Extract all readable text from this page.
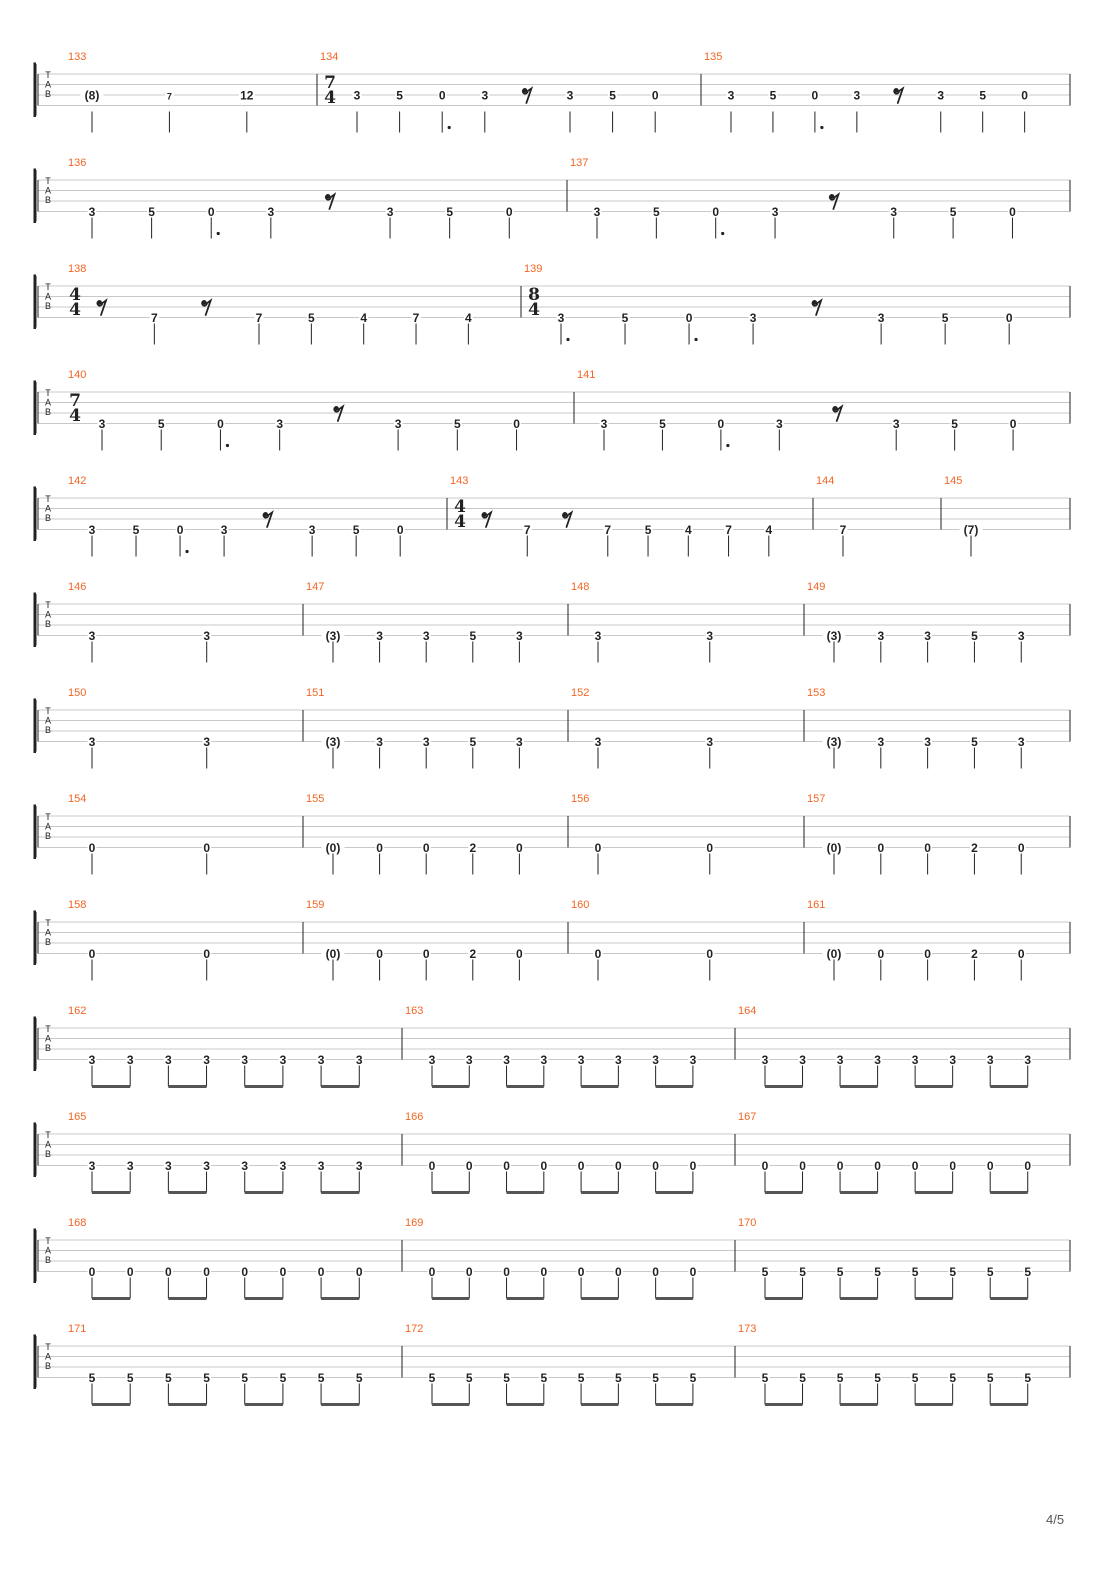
T
A
B
133
(8)	7	12
134
7
4 3	5	0	3	3	5	0
135
3	5	0	3	3	5	0
T
A
B
136
3	5	0	3	3	5	0
137
3	5	0	3	3	5	0
T
A
B
138
4
4	7	7	5	4	7	4
139
8
4 3	5	0	3	3	5	0
T
A
B
140
7
4 3	5	0	3	3	5	0
141
3	5	0	3	3	5	0
T
A
B
142
3	5	0	3	3	5	0
143
4
4	7	7	5	4	7	4
144
7
145
(7)
T
A
B
146
3	3
147
(3)	3	3	5	3
148
3	3
149
(3)	3	3	5	3
T
A
B
150
3	3
151
(3)	3	3	5	3
152
3	3
153
(3)	3	3	5	3
T
A
B
154
0	0
155
(0)	0	0	2	0
156
0	0
157
(0)	0	0	2	0
T
A
B
158
0	0
159
(0)	0	0	2	0
160
0	0
161
(0)	0	0	2	0
T
A
B
162
3	3	3	3	3	3	3	3
163
3	3	3	3	3	3	3	3
164
3	3	3	3	3	3	3	3
T
A
B
165
3	3	3	3	3	3	3	3
166
0	0	0	0	0	0	0	0
167
0	0	0	0	0	0	0	0
T
A
B
168
0	0	0	0	0	0	0	0
169
0	0	0	0	0	0	0	0
170
5	5	5	5	5	5	5	5
T
A
B
171
5	5	5	5	5	5	5	5
172
5	5	5	5	5	5	5	5
173
5	5	5	5	5	5	5	5
4/5
